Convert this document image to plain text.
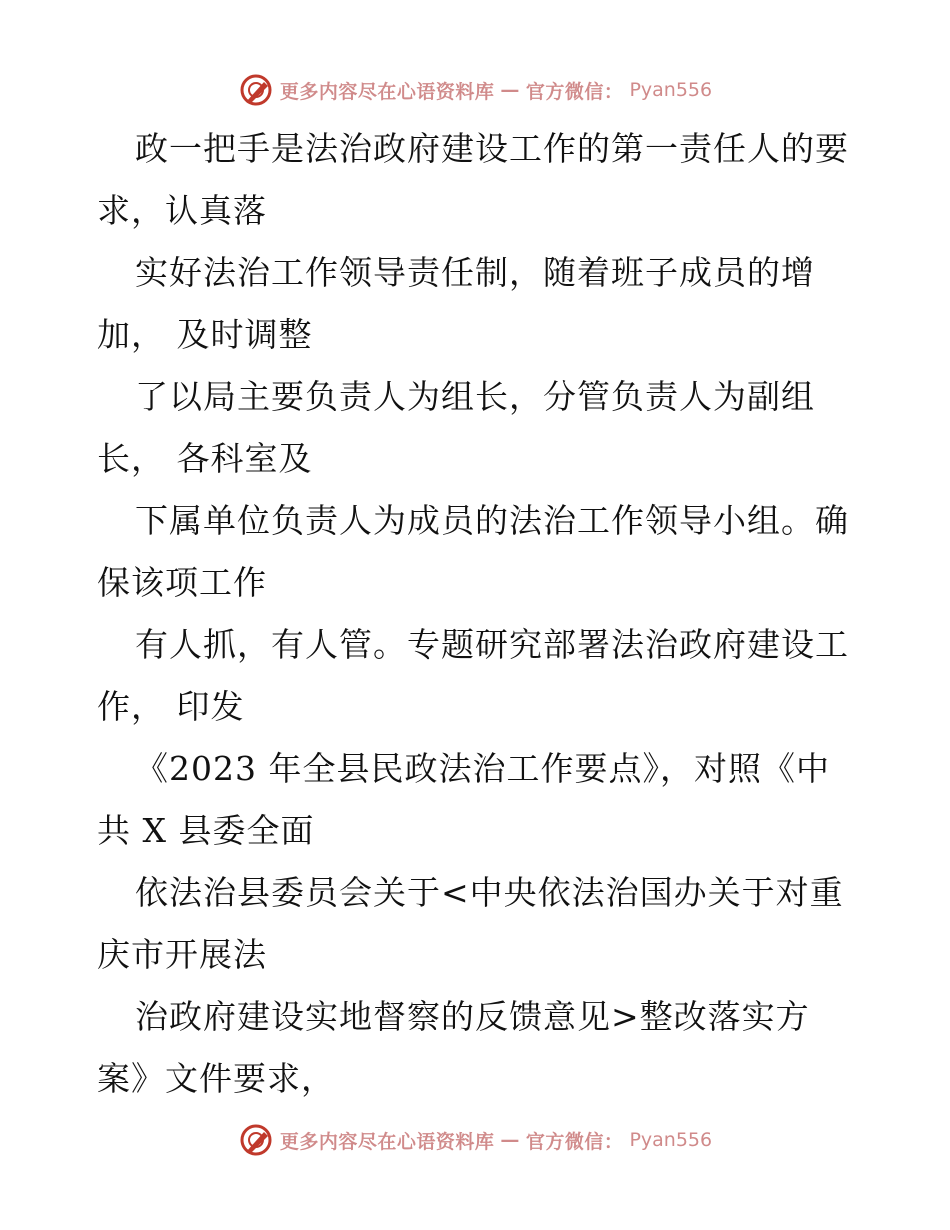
更多内容尽在心语资料库 — 官方微信： Pyan556

政一把手是法治政府建设工作的第一责任人的要
求，认真落

实好法治工作领导责任制，随着班子成员的增
加， 及时调整

了以局主要负责人为组长，分管负责人为副组
长， 各科室及

下属单位负责人为成员的法治工作领导小组。确
保该项工作

有人抓，有人管。专题研究部署法治政府建设工
作， 印发

《2023 年全县民政法治工作要点》，对照《中
共 X 县委全面

依法治县委员会关于<中央依法治国办关于对重
庆市开展法

治政府建设实地督察的反馈意见>整改落实方
案》文件要求，

更多内容尽在心语资料库 — 官方微信： Pyan556
